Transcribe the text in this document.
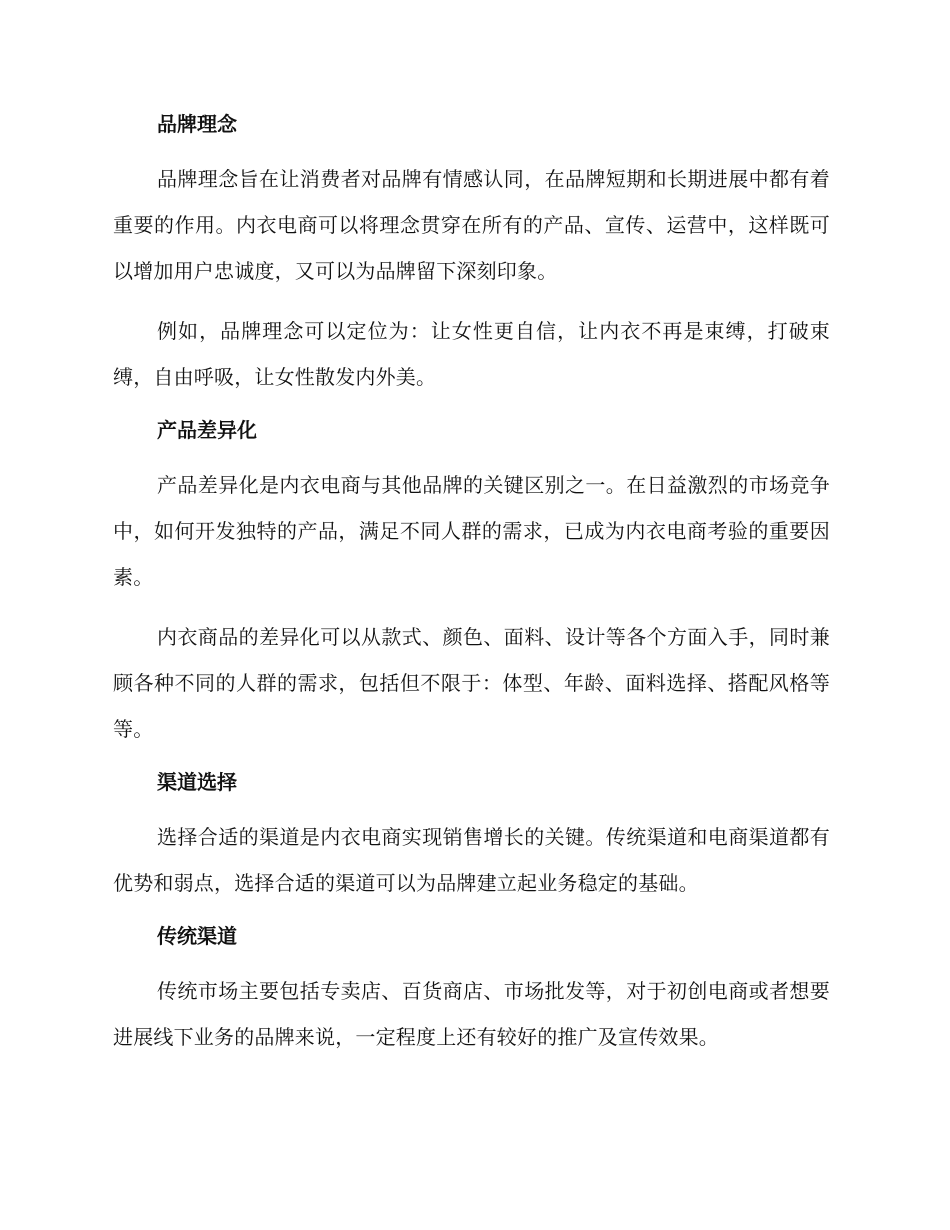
品牌理念

品牌理念旨在让消费者对品牌有情感认同，在品牌短期和长期进展中都有着重要的作用。内衣电商可以将理念贯穿在所有的产品、宣传、运营中，这样既可以增加用户忠诚度，又可以为品牌留下深刻印象。

例如，品牌理念可以定位为：让女性更自信，让内衣不再是束缚，打破束缚，自由呼吸，让女性散发内外美。

产品差异化

产品差异化是内衣电商与其他品牌的关键区别之一。在日益激烈的市场竞争中，如何开发独特的产品，满足不同人群的需求，已成为内衣电商考验的重要因素。

内衣商品的差异化可以从款式、颜色、面料、设计等各个方面入手，同时兼顾各种不同的人群的需求，包括但不限于：体型、年龄、面料选择、搭配风格等等。

渠道选择

选择合适的渠道是内衣电商实现销售增长的关键。传统渠道和电商渠道都有优势和弱点，选择合适的渠道可以为品牌建立起业务稳定的基础。

传统渠道

传统市场主要包括专卖店、百货商店、市场批发等，对于初创电商或者想要进展线下业务的品牌来说，一定程度上还有较好的推广及宣传效果。
